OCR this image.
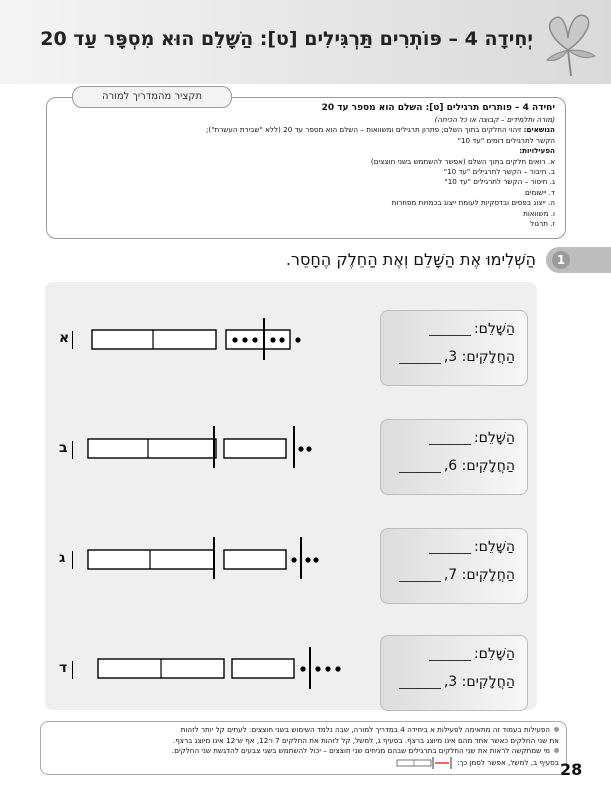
יְחִידָה 4 – פּוֹתְרִים תַּרְגִּילִים [ט]: הַשָּׁלֵם הוּא מִסְפָּר עַד 20
תקציר מהמדריך למורה
יחידה 4 – פותרים תרגילים [ט]: השלם הוא מספר עד 20
(מורה ותלמידים – קבוצה או כל הכיתה)
הנושאים: זיהוי החלקים בתוך השלם; פתרון תרגילים ומשוואות – השלם הוא מספר עד 20 (ללא "שבירת העשרת");
הקשר לתרגילים דומים "עד 10"
הפעילויות:
א. רואים חלקים בתוך השלם (אפשר להשתמש בשני חוצצים)
ב. חיבור – הקשר לתרגילים "עד 10"
ג. חיסור – הקשר לתרגילים "עד 10"
ד. יישומים
ה. ייצוג בפסים ובדסקיות לעומת ייצוג בכמויות מפוזרות
ו. משוואות
ז. תרגול
1
הַשְׁלִימוּ אֶת הַשָּׁלֵם וְאֶת הַחֵלֶק הֶחָסֵר.
הַשָּׁלֵם:
הַחֲלָקִים: 3,
א
הַשָּׁלֵם:
הַחֲלָקִים: 6,
ב
הַשָּׁלֵם:
הַחֲלָקִים: 7,
ג
הַשָּׁלֵם:
הַחֲלָקִים: 3,
ד
הפעילות בעמוד זה מתאימה לפעילות א ביחידה 4 במדריך למורה, שבה נלמד השימוש בשני חוצצים: לעתים קל יותר לזהות
את שני החלקים כאשר אחד מהם אינו מיוצג ברצף. בסעיף ג, למשל, קל לזהות את החלקים 7 ו־12, אף ש־12 אינו מיוצג ברצף.
מי שמתקשה לראות את שני החלקים בתרגילים שבהם מניחים שני חוצצים – יכול להשתמש בשני צבעים להדגשת שני החלקים.
בסעיף ב, למשל, אפשר לסמן כך: 28
